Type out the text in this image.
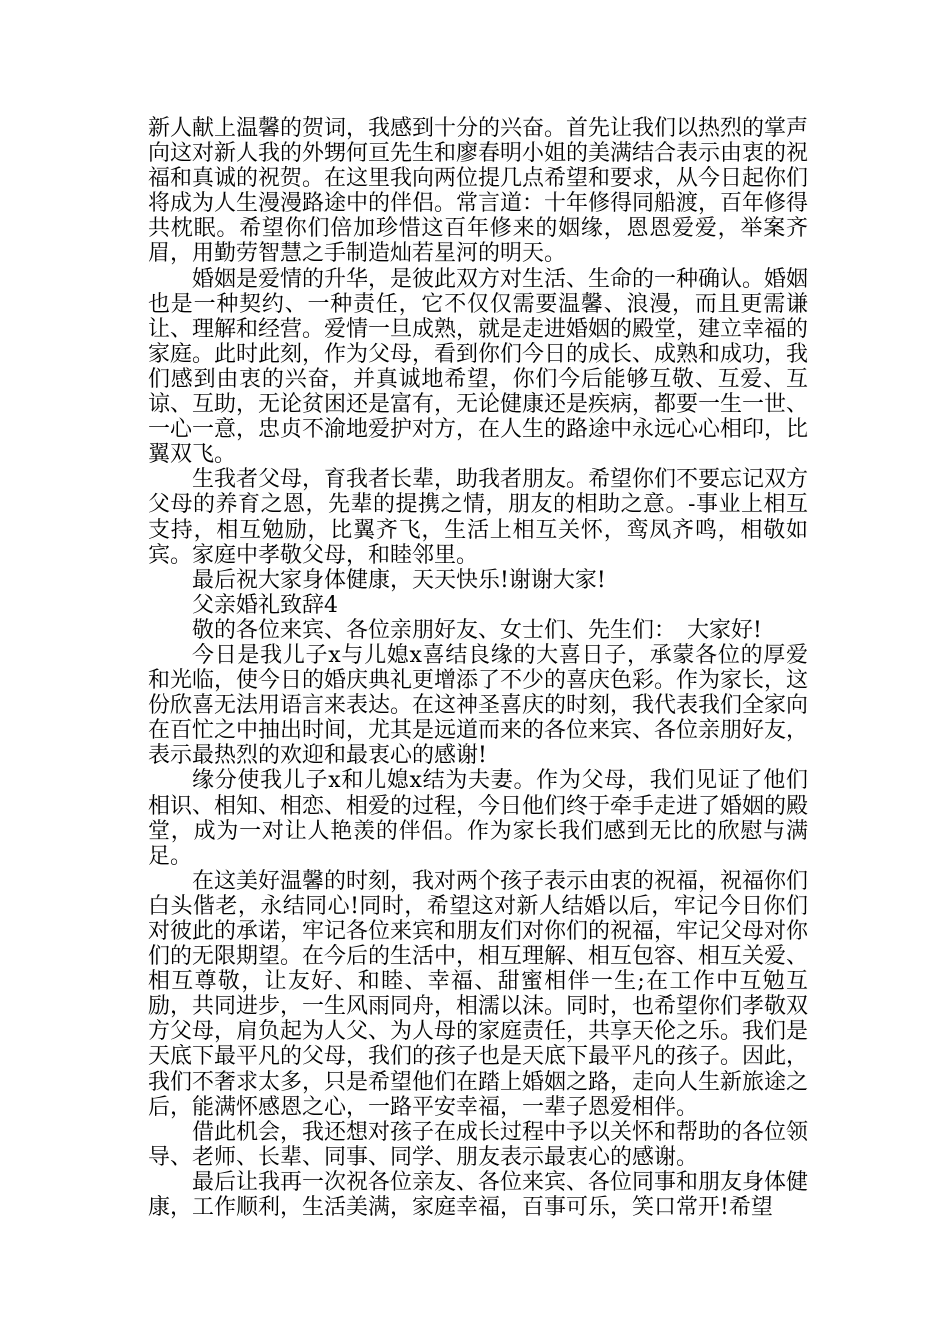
新人献上温馨的贺词，我感到十分的兴奋。首先让我们以热烈的掌声向这对新人我的外甥何亘先生和廖春明小姐的美满结合表示由衷的祝福和真诚的祝贺。在这里我向两位提几点希望和要求，从今日起你们将成为人生漫漫路途中的伴侣。常言道：十年修得同船渡，百年修得共枕眠。希望你们倍加珍惜这百年修来的姻缘，恩恩爱爱，举案齐眉，用勤劳智慧之手制造灿若星河的明天。

婚姻是爱情的升华，是彼此双方对生活、生命的一种确认。婚姻也是一种契约、一种责任，它不仅仅需要温馨、浪漫，而且更需谦让、理解和经营。爱情一旦成熟，就是走进婚姻的殿堂，建立幸福的家庭。此时此刻，作为父母，看到你们今日的成长、成熟和成功，我们感到由衷的兴奋，并真诚地希望，你们今后能够互敬、互爱、互谅、互助，无论贫困还是富有，无论健康还是疾病，都要一生一世、一心一意，忠贞不渝地爱护对方，在人生的路途中永远心心相印，比翼双飞。

生我者父母，育我者长辈，助我者朋友。希望你们不要忘记双方父母的养育之恩，先辈的提携之情，朋友的相助之意。-事业上相互支持，相互勉励，比翼齐飞，生活上相互关怀，鸾凤齐鸣，相敬如宾。家庭中孝敬父母，和睦邻里。

最后祝大家身体健康，天天快乐!谢谢大家!

父亲婚礼致辞4

敬的各位来宾、各位亲朋好友、女士们、先生们：　大家好!

今日是我儿子x与儿媳x喜结良缘的大喜日子，承蒙各位的厚爱和光临，使今日的婚庆典礼更增添了不少的喜庆色彩。作为家长，这份欣喜无法用语言来表达。在这神圣喜庆的时刻，我代表我们全家向在百忙之中抽出时间，尤其是远道而来的各位来宾、各位亲朋好友，表示最热烈的欢迎和最衷心的感谢!

缘分使我儿子x和儿媳x结为夫妻。作为父母，我们见证了他们相识、相知、相恋、相爱的过程，今日他们终于牵手走进了婚姻的殿堂，成为一对让人艳羡的伴侣。作为家长我们感到无比的欣慰与满足。

在这美好温馨的时刻，我对两个孩子表示由衷的祝福，祝福你们白头偕老，永结同心!同时，希望这对新人结婚以后，牢记今日你们对彼此的承诺，牢记各位来宾和朋友们对你们的祝福，牢记父母对你们的无限期望。在今后的生活中，相互理解、相互包容、相互关爱、相互尊敬，让友好、和睦、幸福、甜蜜相伴一生;在工作中互勉互励，共同进步，一生风雨同舟，相濡以沫。同时，也希望你们孝敬双方父母，肩负起为人父、为人母的家庭责任，共享天伦之乐。我们是天底下最平凡的父母，我们的孩子也是天底下最平凡的孩子。因此，我们不奢求太多，只是希望他们在踏上婚姻之路，走向人生新旅途之后，能满怀感恩之心，一路平安幸福，一辈子恩爱相伴。

借此机会，我还想对孩子在成长过程中予以关怀和帮助的各位领导、老师、长辈、同事、同学、朋友表示最衷心的感谢。

最后让我再一次祝各位亲友、各位来宾、各位同事和朋友身体健康，工作顺利，生活美满，家庭幸福，百事可乐，笑口常开!希望
